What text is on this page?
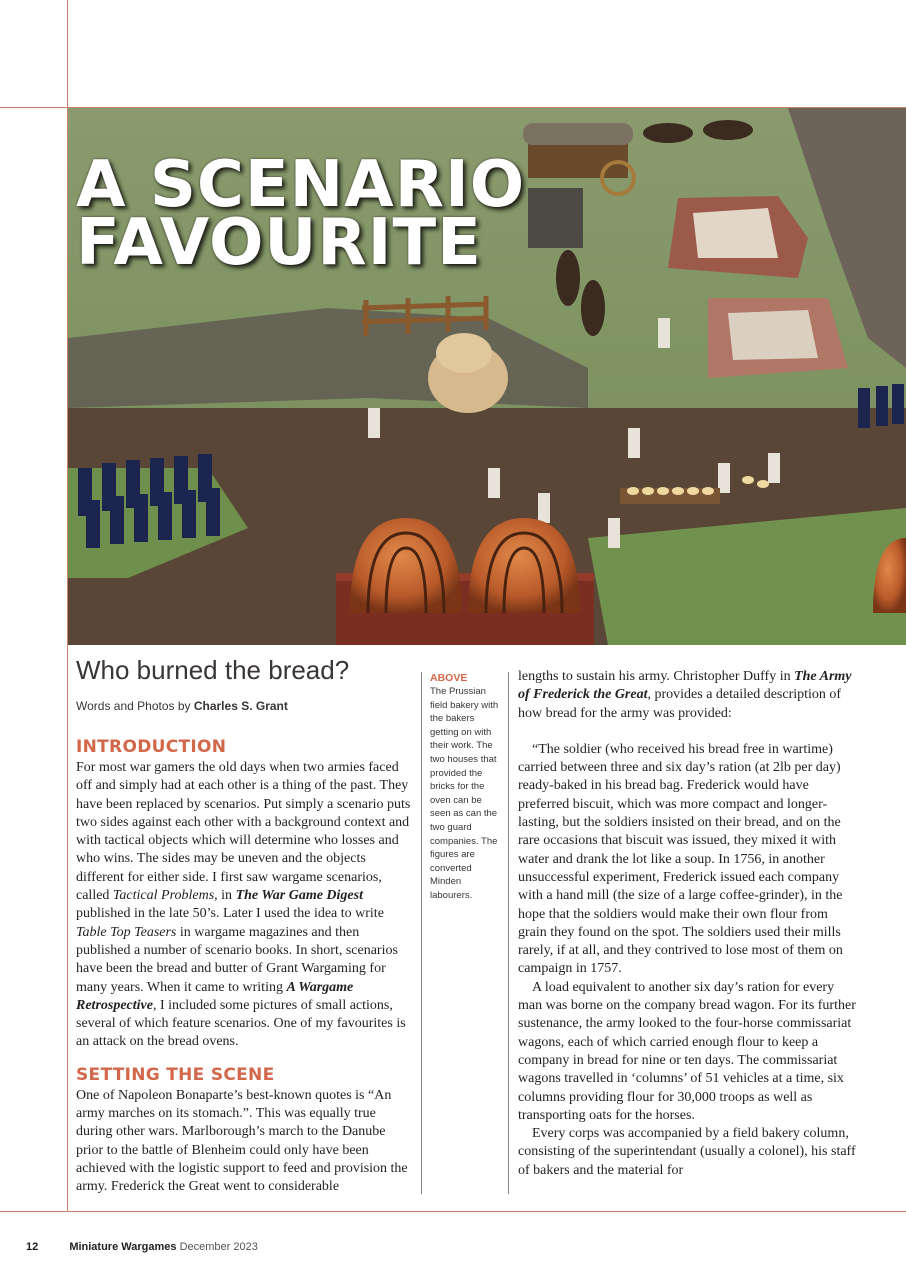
A SCENARIO
FAVOURITE
Who burned the bread?
Words and Photos by Charles S. Grant
INTRODUCTION

For most war gamers the old days when two armies faced off and simply had at each other is a thing of the past. They have been replaced by scenarios. Put simply a scenario puts two sides against each other with a background context and with tactical objects which will determine who losses and who wins. The sides may be uneven and the objects different for either side. I first saw wargame scenarios, called Tactical Problems, in The War Game Digest published in the late 50’s. Later I used the idea to write Table Top Teasers in wargame magazines and then published a number of scenario books. In short, scenarios have been the bread and butter of Grant Wargaming for many years. When it came to writing A Wargame Retrospective, I included some pictures of small actions, several of which feature scenarios. One of my favourites is an attack on the bread ovens.

SETTING THE SCENE

One of Napoleon Bonaparte’s best-known quotes is “An army marches on its stomach.”. This was equally true during other wars. Marlborough’s march to the Danube prior to the battle of Blenheim could only have been achieved with the logistic support to feed and provision the army. Frederick the Great went to considerable

ABOVE

The Prussian field bakery with the bakers getting on with their work. The two houses that provided the bricks for the oven can be seen as can the two guard companies. The figures are converted Minden labourers.

lengths to sustain his army. Christopher Duffy in The Army of Frederick the Great, provides a detailed description of how bread for the army was provided:

“The soldier (who received his bread free in wartime) carried between three and six day’s ration (at 2lb per day) ready-baked in his bread bag. Frederick would have preferred biscuit, which was more compact and longer-lasting, but the soldiers insisted on their bread, and on the rare occasions that biscuit was issued, they mixed it with water and drank the lot like a soup. In 1756, in another unsuccessful experiment, Frederick issued each company with a hand mill (the size of a large coffee-grinder), in the hope that the soldiers would make their own flour from grain they found on the spot. The soldiers used their mills rarely, if at all, and they contrived to lose most of them on campaign in 1757.

A load equivalent to another six day’s ration for every man was borne on the company bread wagon. For its further sustenance, the army looked to the four-horse commissariat wagons, each of which carried enough flour to keep a company in bread for nine or ten days. The commissariat wagons travelled in ‘columns’ of 51 vehicles at a time, six columns providing flour for 30,000 troops as well as transporting oats for the horses.

Every corps was accompanied by a field bakery column, consisting of the superintendant (usually a colonel), his staff of bakers and the material for

12	Miniature Wargames December 2023
